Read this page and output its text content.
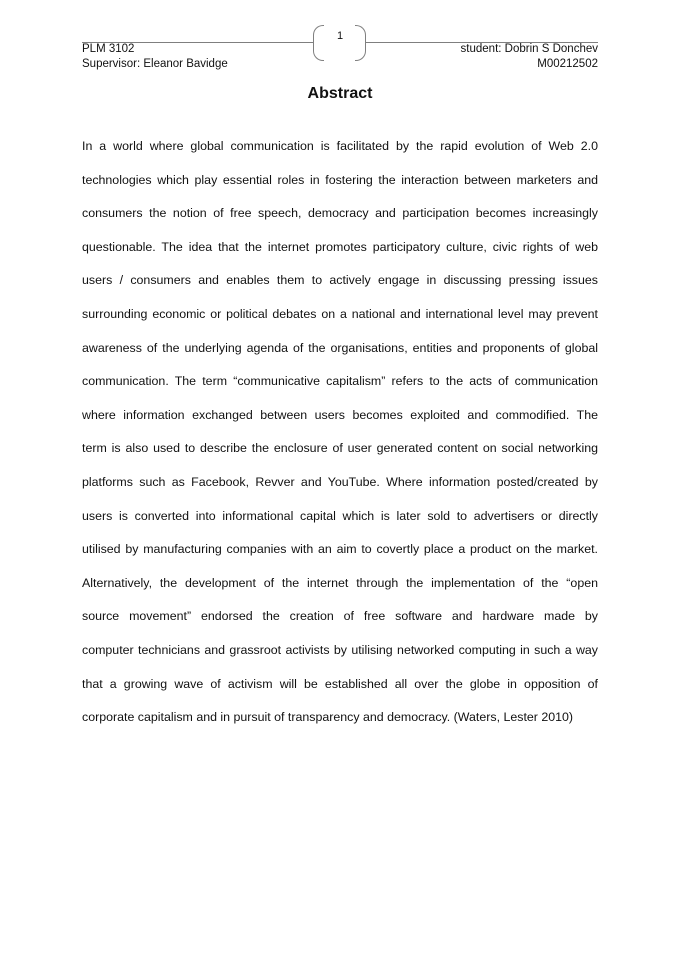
1
PLM 3102
Supervisor: Eleanor Bavidge
student: Dobrin S Donchev
M00212502
Abstract
In a world where global communication is facilitated by the rapid evolution of Web 2.0
technologies which play essential roles in fostering the interaction between marketers and
consumers the notion of free speech, democracy and participation becomes increasingly
questionable. The idea that the internet promotes participatory culture, civic rights of web
users / consumers and enables them to actively engage in discussing pressing issues
surrounding economic or political debates on a national and international level may prevent
awareness of the underlying agenda of the organisations, entities and proponents of global
communication. The term “communicative capitalism” refers to the acts of communication
where information exchanged between users becomes exploited and commodified. The
term is also used to describe the enclosure of user generated content on social networking
platforms such as Facebook, Revver and YouTube. Where information posted/created by
users is converted into informational capital which is later sold to advertisers or directly
utilised by manufacturing companies with an aim to covertly place a product on the market.
Alternatively, the development of the internet through the implementation of the “open
source movement” endorsed the creation of free software and hardware made by
computer technicians and grassroot activists by utilising networked computing in such a way
that a growing wave of activism will be established all over the globe in opposition of
corporate capitalism and in pursuit of transparency and democracy. (Waters, Lester 2010)
